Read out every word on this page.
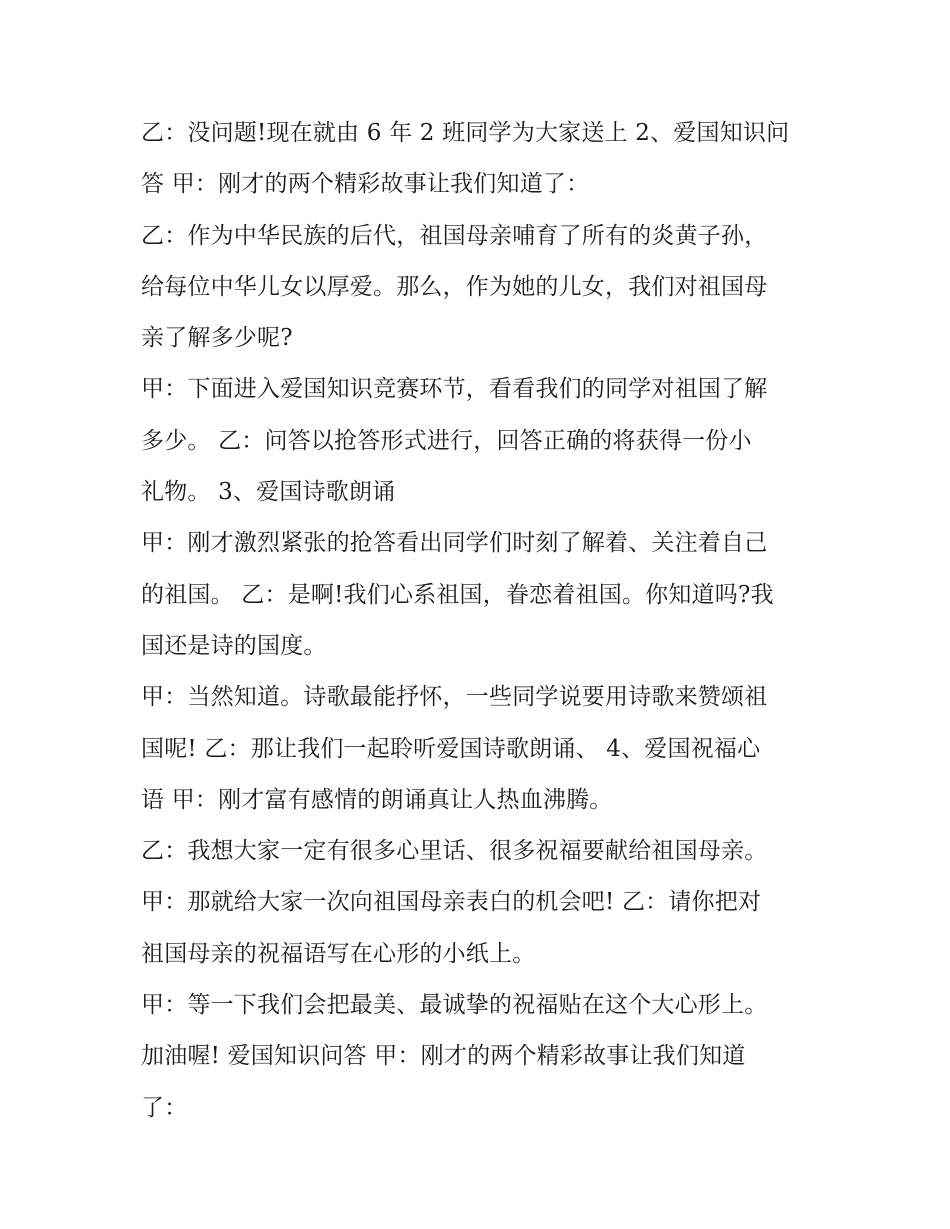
乙：没问题!现在就由 6 年 2 班同学为大家送上 2、爱国知识问
答 甲：刚才的两个精彩故事让我们知道了：
乙：作为中华民族的后代，祖国母亲哺育了所有的炎黄子孙，
给每位中华儿女以厚爱。那么，作为她的儿女，我们对祖国母
亲了解多少呢?
甲：下面进入爱国知识竞赛环节，看看我们的同学对祖国了解
多少。 乙：问答以抢答形式进行，回答正确的将获得一份小
礼物。 3、爱国诗歌朗诵
甲：刚才激烈紧张的抢答看出同学们时刻了解着、关注着自己
的祖国。 乙：是啊!我们心系祖国，眷恋着祖国。你知道吗?我
国还是诗的国度。
甲：当然知道。诗歌最能抒怀，一些同学说要用诗歌来赞颂祖
国呢! 乙：那让我们一起聆听爱国诗歌朗诵、 4、爱国祝福心
语 甲：刚才富有感情的朗诵真让人热血沸腾。
乙：我想大家一定有很多心里话、很多祝福要献给祖国母亲。
甲：那就给大家一次向祖国母亲表白的机会吧! 乙：请你把对
祖国母亲的祝福语写在心形的小纸上。
甲：等一下我们会把最美、最诚挚的祝福贴在这个大心形上。
加油喔! 爱国知识问答 甲：刚才的两个精彩故事让我们知道
了：
